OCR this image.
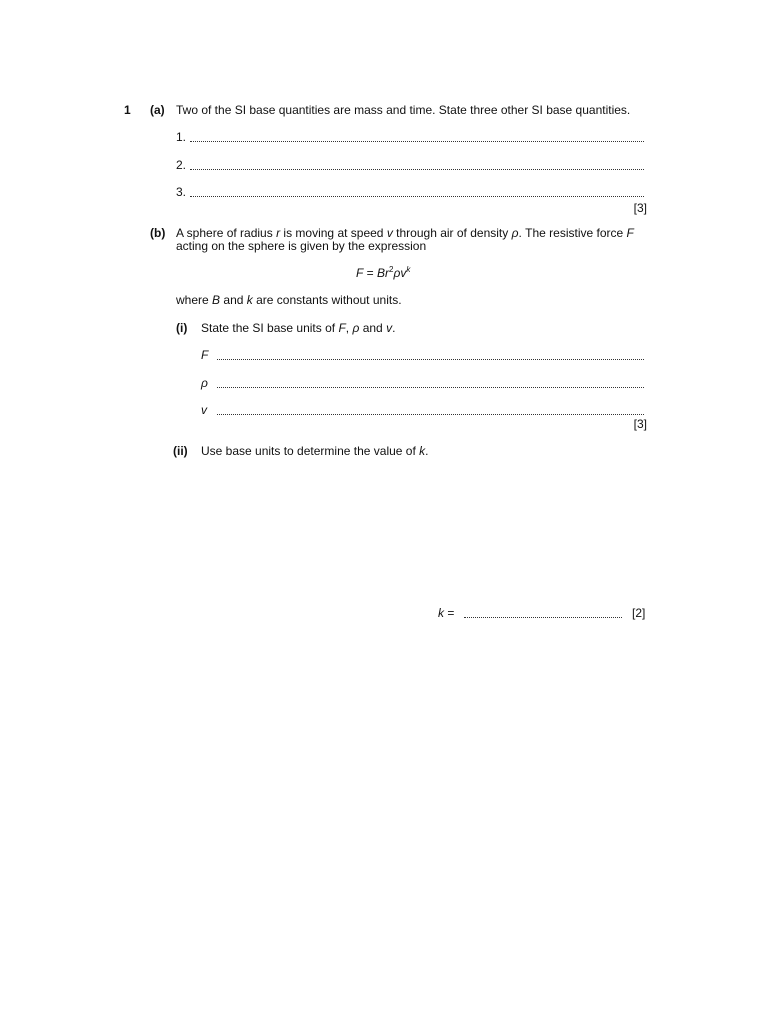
1 (a) Two of the SI base quantities are mass and time. State three other SI base quantities.
1.
2.
3.
[3]
(b) A sphere of radius r is moving at speed v through air of density ρ. The resistive force F
acting on the sphere is given by the expression
$F = Br^2\rho v^k$
where B and k are constants without units.
(i) State the SI base units of F, ρ and v.
F
ρ
v
[3]
(ii) Use base units to determine the value of k.
k =	[2]
